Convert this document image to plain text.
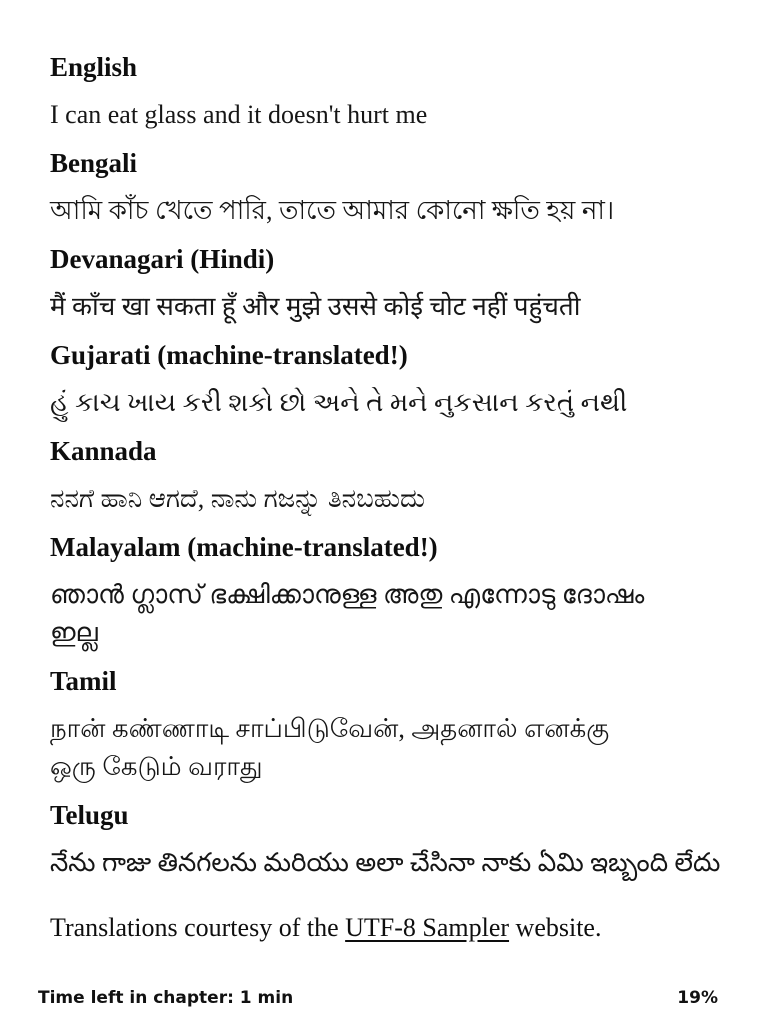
English
I can eat glass and it doesn't hurt me
Bengali
আমি কাঁচ খেতে পারি, তাতে আমার কোনো ক্ষতি হয় না।
Devanagari (Hindi)
मैं काँच खा सकता हूँ और मुझे उससे कोई चोट नहीं पहुंचती
Gujarati (machine-translated!)
હું કાચ ખાય કરી શકો છો અને તે મને નુકસાન કરતું નથી
Kannada
ನನಗೆ ಹಾನಿ ಆಗದೆ, ನಾನು ಗಜನ್ನು ತಿನಬಹುದು
Malayalam (machine-translated!)
ഞാൻ ഗ്ലാസ് ഭക്ഷിക്കാനുള്ള അതു എന്നോടു ദോഷം
ഇല്ല
Tamil
நான் கண்ணாடி சாப்பிடுவேன், அதனால் எனக்கு
ஒரு கேடும் வராது
Telugu
నేను గాజు తినగలను మరియు అలా చేసినా నాకు ఏమి ఇబ్బంది లేదు
Translations courtesy of the UTF-8 Sampler website.
Time left in chapter: 1 min	19%
